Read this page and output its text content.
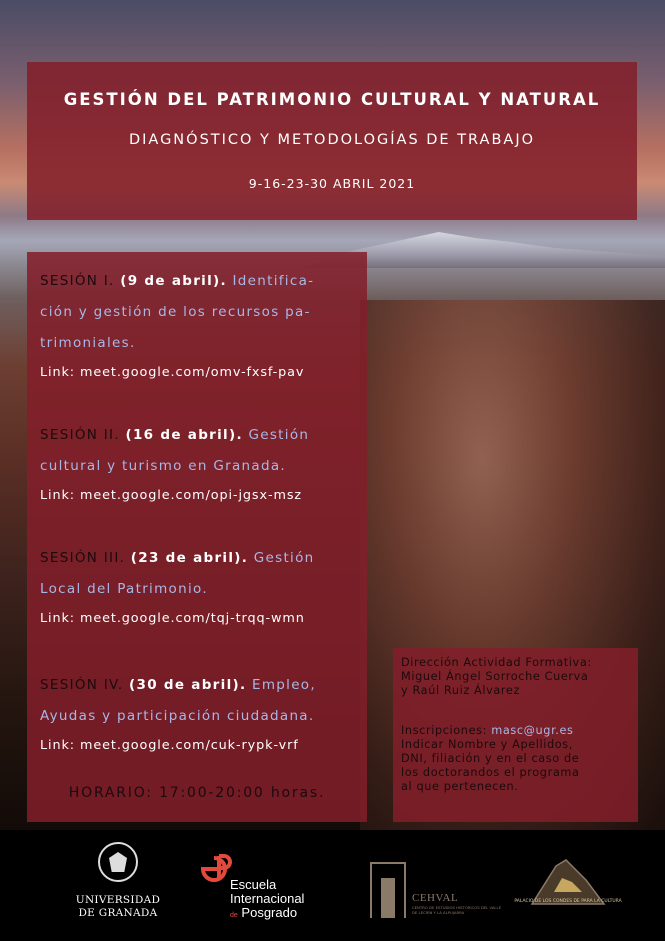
GESTIÓN DEL PATRIMONIO CULTURAL Y NATURAL
DIAGNÓSTICO Y METODOLOGÍAS DE TRABAJO
9-16-23-30 ABRIL 2021
SESIÓN I. (9 de abril). Identifica-
ción y gestión de los recursos pa-
trimoniales.
Link: meet.google.com/omv-fxsf-pav
SESIÓN II. (16 de abril). Gestión
cultural y turismo en Granada.
Link: meet.google.com/opi-jgsx-msz
SESIÓN III. (23 de abril). Gestión
Local del Patrimonio.
Link: meet.google.com/tqj-trqq-wmn
SESIÓN IV. (30 de abril). Empleo,
Ayudas y participación ciudadana.
Link: meet.google.com/cuk-rypk-vrf
HORARIO: 17:00-20:00 horas.
Dirección Actividad Formativa:
Miguel Ángel Sorroche Cuerva
y Raúl Ruiz Álvarez
Inscripciones: masc@ugr.es
Indicar Nombre y Apellidos,
DNI, filiación y en el caso de
los doctorandos el programa
al que pertenecen.
UNIVERSIDAD
DE GRANADA
Escuela
Internacional
de Posgrado
CEHVAL
CENTRO DE ESTUDIOS HISTÓRICOS DEL VALLE DE LECRÍN Y LA ALPUJARRA
PALACIO DE LOS CONDES DE PARA LA CULTURA
